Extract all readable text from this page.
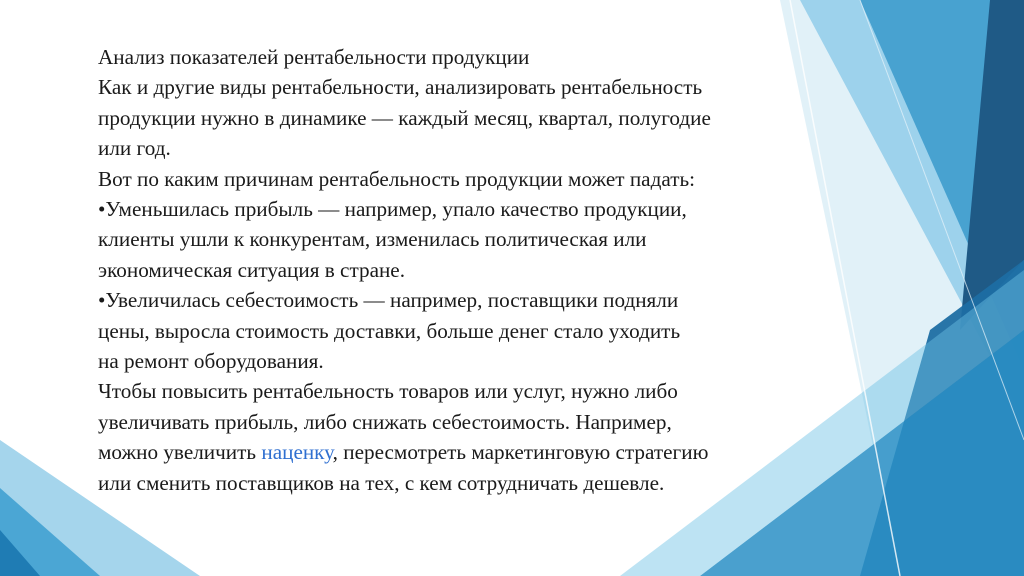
Анализ показателей рентабельности продукции
Как и другие виды рентабельности, анализировать рентабельность
продукции нужно в динамике — каждый месяц, квартал, полугодие
или год.
Вот по каким причинам рентабельность продукции может падать:
•Уменьшилась прибыль — например, упало качество продукции,
клиенты ушли к конкурентам, изменилась политическая или
экономическая ситуация в стране.
•Увеличилась себестоимость — например, поставщики подняли
цены, выросла стоимость доставки, больше денег стало уходить
на ремонт оборудования.
Чтобы повысить рентабельность товаров или услуг, нужно либо
увеличивать прибыль, либо снижать себестоимость. Например,
можно увеличить наценку, пересмотреть маркетинговую стратегию
или сменить поставщиков на тех, с кем сотрудничать дешевле.
